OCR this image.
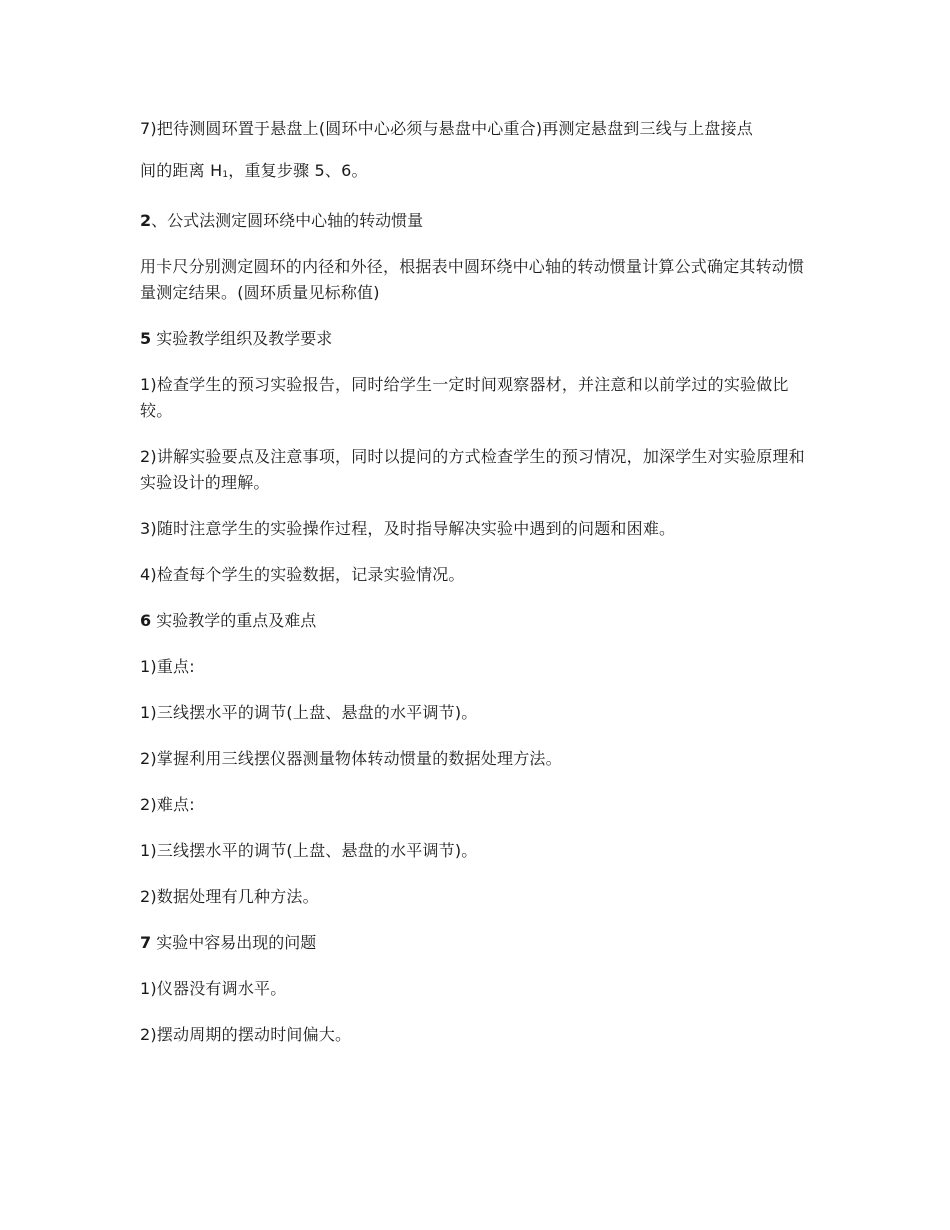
7)把待测圆环置于悬盘上(圆环中心必须与悬盘中心重合)再测定悬盘到三线与上盘接点

间的距离 H1，重复步骤 5、6。

2、公式法测定圆环绕中心轴的转动惯量

用卡尺分别测定圆环的内径和外径，根据表中圆环绕中心轴的转动惯量计算公式确定其转动惯量测定结果。(圆环质量见标称值)

5 实验教学组织及教学要求

1)检查学生的预习实验报告，同时给学生一定时间观察器材，并注意和以前学过的实验做比较。

2)讲解实验要点及注意事项，同时以提问的方式检查学生的预习情况，加深学生对实验原理和实验设计的理解。

3)随时注意学生的实验操作过程，及时指导解决实验中遇到的问题和困难。

4)检查每个学生的实验数据，记录实验情况。

6 实验教学的重点及难点

1)重点:

1)三线摆水平的调节(上盘、悬盘的水平调节)。

2)掌握利用三线摆仪器测量物体转动惯量的数据处理方法。

2)难点:

1)三线摆水平的调节(上盘、悬盘的水平调节)。

2)数据处理有几种方法。

7 实验中容易出现的问题

1)仪器没有调水平。

2)摆动周期的摆动时间偏大。
